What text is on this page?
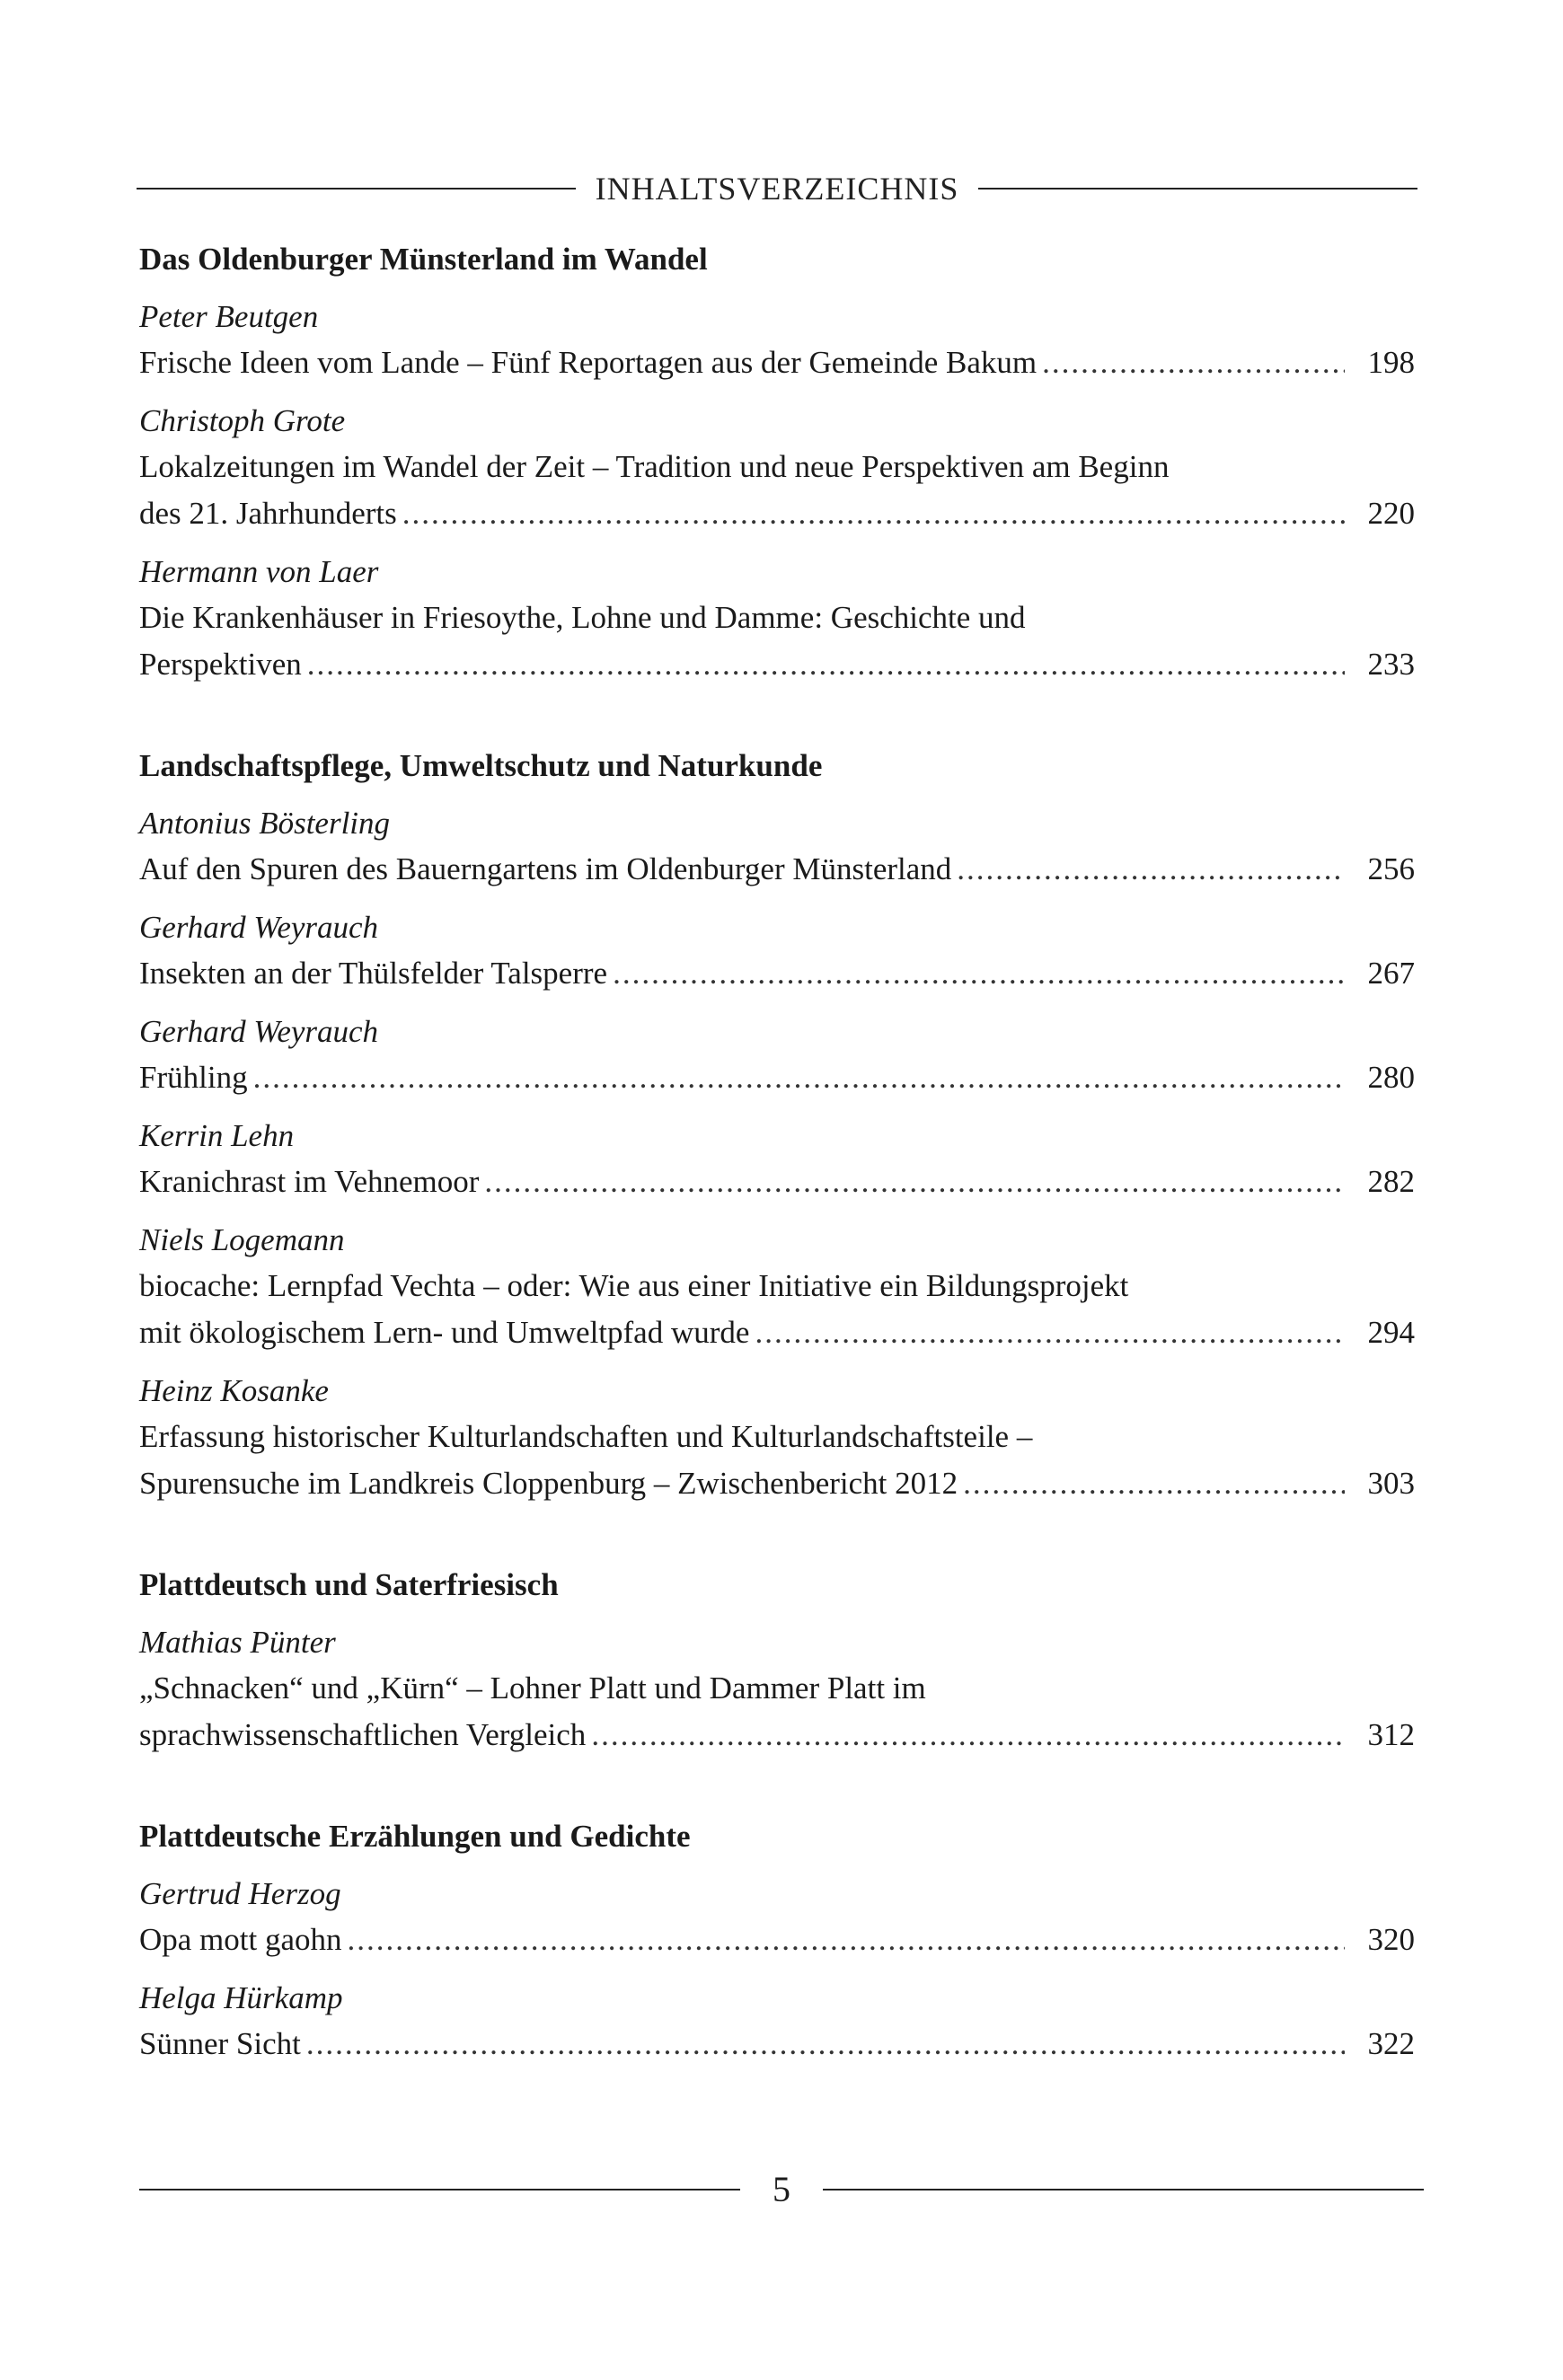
INHALTSVERZEICHNIS
Das Oldenburger Münsterland im Wandel
Peter Beutgen
Frische Ideen vom Lande – Fünf Reportagen aus der Gemeinde Bakum .....	198
Christoph Grote
Lokalzeitungen im Wandel der Zeit – Tradition und neue Perspektiven am Beginn
des 21. Jahrhunderts .....	220
Hermann von Laer
Die Krankenhäuser in Friesoythe, Lohne und Damme: Geschichte und
Perspektiven .....	233
Landschaftspflege, Umweltschutz und Naturkunde
Antonius Bösterling
Auf den Spuren des Bauerngartens im Oldenburger Münsterland .....	256
Gerhard Weyrauch
Insekten an der Thülsfelder Talsperre .....	267
Gerhard Weyrauch
Frühling .....	280
Kerrin Lehn
Kranichrast im Vehnemoor .....	282
Niels Logemann
biocache: Lernpfad Vechta – oder: Wie aus einer Initiative ein Bildungsprojekt
mit ökologischem Lern- und Umweltpfad wurde .....	294
Heinz Kosanke
Erfassung historischer Kulturlandschaften und Kulturlandschaftsteile –
Spurensuche im Landkreis Cloppenburg – Zwischenbericht 2012 .....	303
Plattdeutsch und Saterfriesisch
Mathias Pünter
„Schnacken“ und „Kürn“ – Lohner Platt und Dammer Platt im
sprachwissenschaftlichen Vergleich .....	312
Plattdeutsche Erzählungen und Gedichte
Gertrud Herzog
Opa mott gaohn .....	320
Helga Hürkamp
Sünner Sicht .....	322
5
